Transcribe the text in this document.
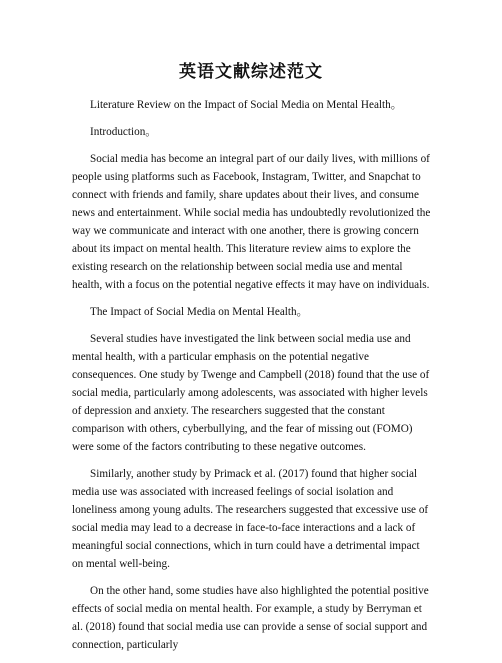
英语文献综述范文

Literature Review on the Impact of Social Media on Mental Health。

Introduction。

Social media has become an integral part of our daily lives, with millions of people using platforms such as Facebook, Instagram, Twitter, and Snapchat to connect with friends and family, share updates about their lives, and consume news and entertainment. While social media has undoubtedly revolutionized the way we communicate and interact with one another, there is growing concern about its impact on mental health. This literature review aims to explore the existing research on the relationship between social media use and mental health, with a focus on the potential negative effects it may have on individuals.

The Impact of Social Media on Mental Health。

Several studies have investigated the link between social media use and mental health, with a particular emphasis on the potential negative consequences. One study by Twenge and Campbell (2018) found that the use of social media, particularly among adolescents, was associated with higher levels of depression and anxiety. The researchers suggested that the constant comparison with others, cyberbullying, and the fear of missing out (FOMO) were some of the factors contributing to these negative outcomes.

Similarly, another study by Primack et al. (2017) found that higher social media use was associated with increased feelings of social isolation and loneliness among young adults. The researchers suggested that excessive use of social media may lead to a decrease in face-to-face interactions and a lack of meaningful social connections, which in turn could have a detrimental impact on mental well-being.

On the other hand, some studies have also highlighted the potential positive effects of social media on mental health. For example, a study by Berryman et al. (2018) found that social media use can provide a sense of social support and connection, particularly
